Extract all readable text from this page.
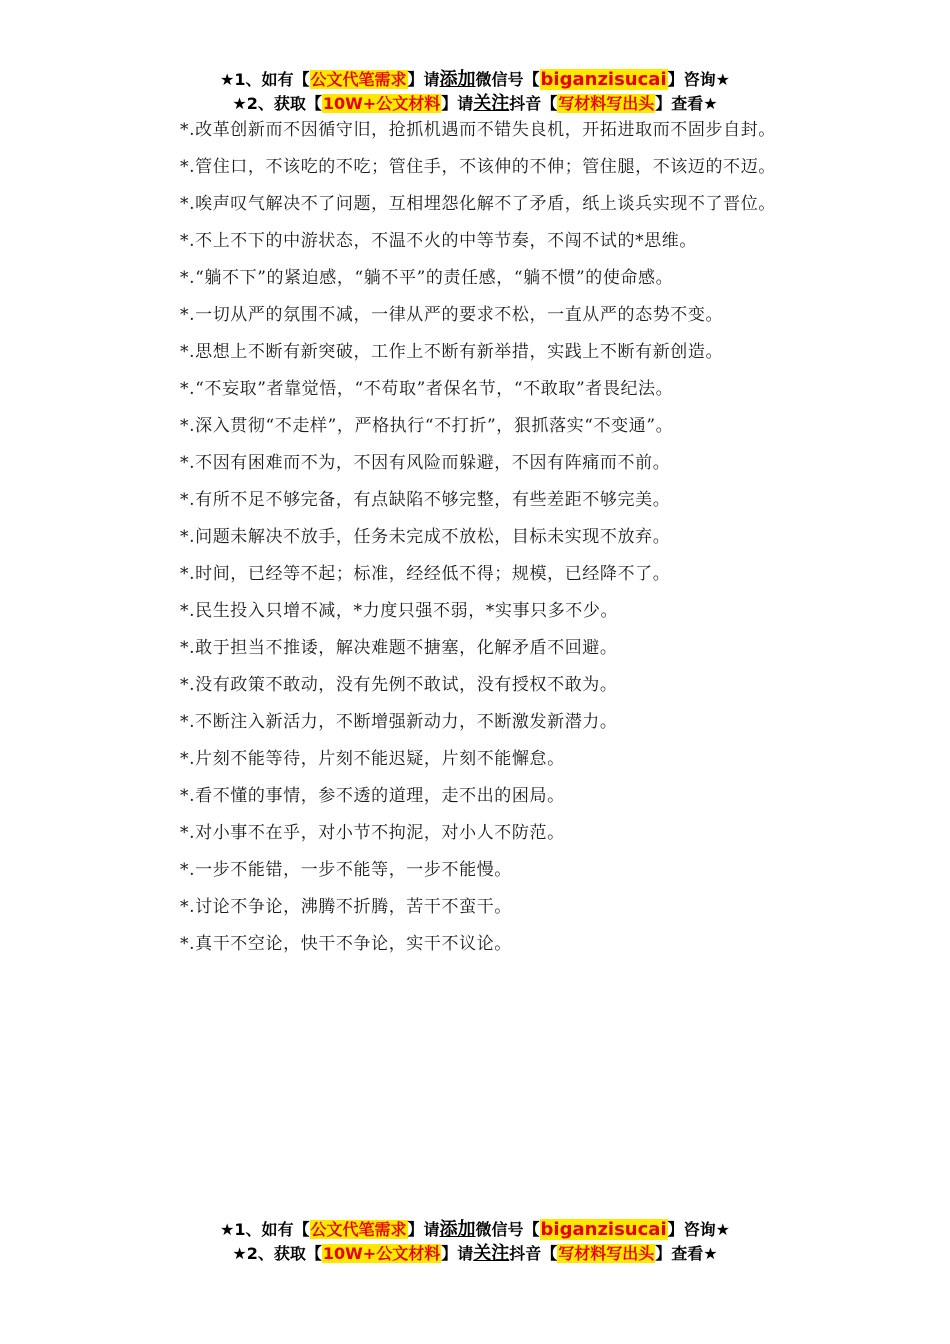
★1、如有【公文代笔需求】请添加微信号【biganzisucai】咨询★
★2、获取【10W+公文材料】请关注抖音【写材料写出头】查看★

*.改革创新而不因循守旧，抢抓机遇而不错失良机，开拓进取而不固步自封。

*.管住口，不该吃的不吃；管住手，不该伸的不伸；管住腿，不该迈的不迈。

*.唉声叹气解决不了问题，互相埋怨化解不了矛盾，纸上谈兵实现不了晋位。

*.不上不下的中游状态，不温不火的中等节奏，不闯不试的*思维。

*.“躺不下”的紧迫感，“躺不平”的责任感，“躺不惯”的使命感。

*.一切从严的氛围不减，一律从严的要求不松，一直从严的态势不变。

*.思想上不断有新突破，工作上不断有新举措，实践上不断有新创造。

*.“不妄取”者靠觉悟，“不苟取”者保名节，“不敢取”者畏纪法。

*.深入贯彻“不走样”，严格执行“不打折”，狠抓落实“不变通”。

*.不因有困难而不为，不因有风险而躲避，不因有阵痛而不前。

*.有所不足不够完备，有点缺陷不够完整，有些差距不够完美。

*.问题未解决不放手，任务未完成不放松，目标未实现不放弃。

*.时间，已经等不起；标准，经经低不得；规模，已经降不了。

*.民生投入只增不减，*力度只强不弱，*实事只多不少。

*.敢于担当不推诿，解决难题不搪塞，化解矛盾不回避。

*.没有政策不敢动，没有先例不敢试，没有授权不敢为。

*.不断注入新活力，不断增强新动力，不断激发新潜力。

*.片刻不能等待，片刻不能迟疑，片刻不能懈怠。

*.看不懂的事情，参不透的道理，走不出的困局。

*.对小事不在乎，对小节不拘泥，对小人不防范。

*.一步不能错，一步不能等，一步不能慢。

*.讨论不争论，沸腾不折腾，苦干不蛮干。

*.真干不空论，快干不争论，实干不议论。

★1、如有【公文代笔需求】请添加微信号【biganzisucai】咨询★
★2、获取【10W+公文材料】请关注抖音【写材料写出头】查看★
